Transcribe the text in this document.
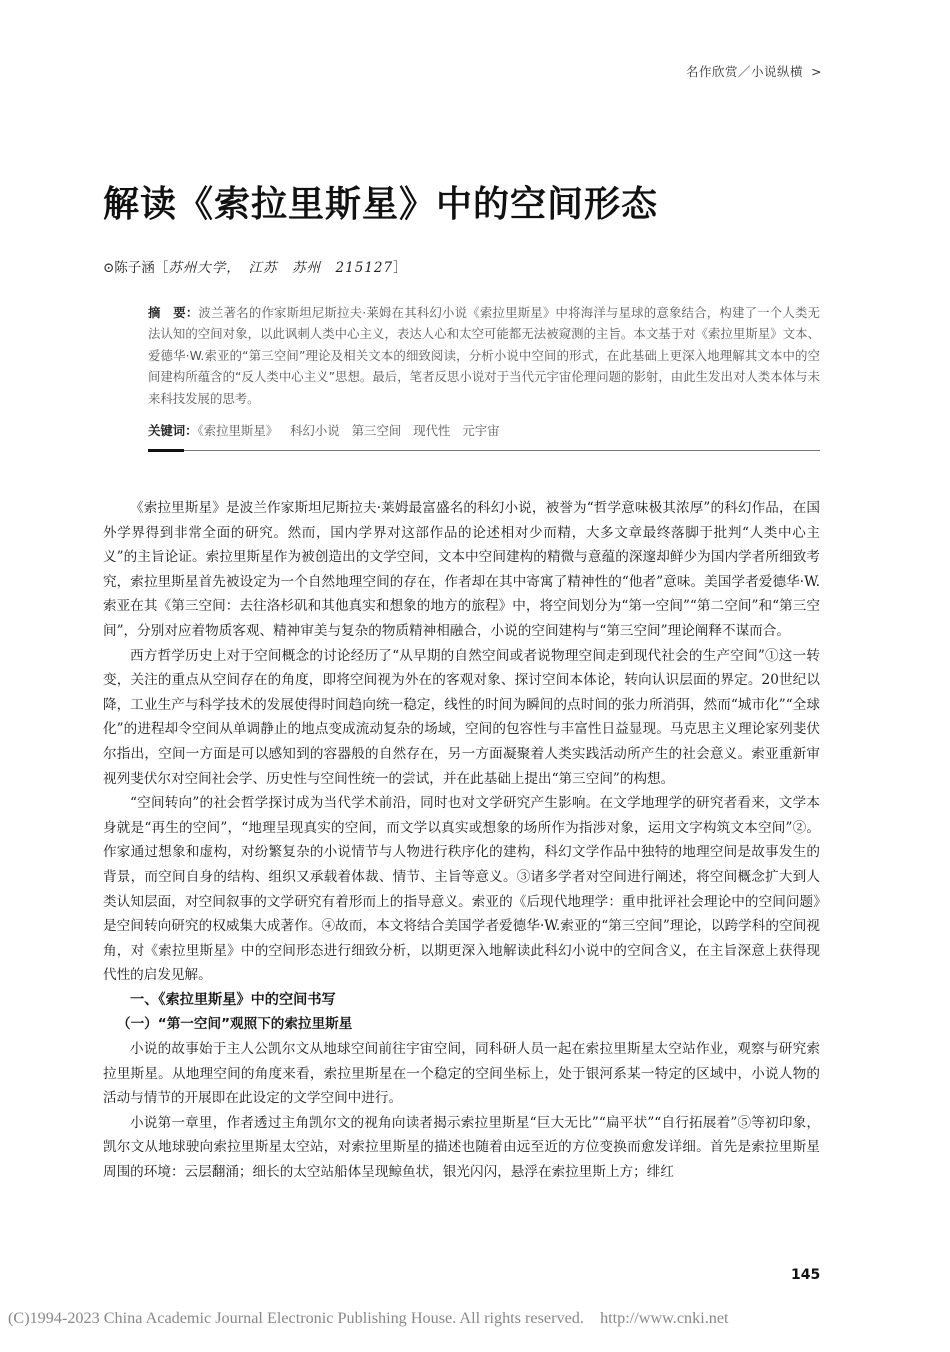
名作欣赏／小说纵横 >
解读《索拉里斯星》中的空间形态
⊙陈子涵［苏州大学，　江苏　苏州　215127］
摘　要：波兰著名的作家斯坦尼斯拉夫·莱姆在其科幻小说《索拉里斯星》中将海洋与星球的意象结合，构建了一个人类无法认知的空间对象，以此讽刺人类中心主义，表达人心和太空可能都无法被窥测的主旨。本文基于对《索拉里斯星》文本、爱德华·W.索亚的“第三空间”理论及相关文本的细致阅读，分析小说中空间的形式，在此基础上更深入地理解其文本中的空间建构所蕴含的“反人类中心主义”思想。最后，笔者反思小说对于当代元宇宙伦理问题的影射，由此生发出对人类本体与未来科技发展的思考。
关键词：《索拉里斯星》 科幻小说 第三空间 现代性 元宇宙

《索拉里斯星》是波兰作家斯坦尼斯拉夫·莱姆最富盛名的科幻小说，被誉为“哲学意味极其浓厚”的科幻作品，在国外学界得到非常全面的研究。然而，国内学界对这部作品的论述相对少而精，大多文章最终落脚于批判“人类中心主义”的主旨论证。索拉里斯星作为被创造出的文学空间，文本中空间建构的精微与意蕴的深邃却鲜少为国内学者所细致考究，索拉里斯星首先被设定为一个自然地理空间的存在，作者却在其中寄寓了精神性的“他者”意味。美国学者爱德华·W.索亚在其《第三空间：去往洛杉矶和其他真实和想象的地方的旅程》中，将空间划分为“第一空间”“第二空间”和“第三空间”，分别对应着物质客观、精神审美与复杂的物质精神相融合，小说的空间建构与“第三空间”理论阐释不谋而合。

西方哲学历史上对于空间概念的讨论经历了“从早期的自然空间或者说物理空间走到现代社会的生产空间”①这一转变，关注的重点从空间存在的角度，即将空间视为外在的客观对象、探讨空间本体论，转向认识层面的界定。20世纪以降，工业生产与科学技术的发展使得时间趋向统一稳定，线性的时间为瞬间的点时间的张力所消弭，然而“城市化”“全球化”的进程却令空间从单调静止的地点变成流动复杂的场域，空间的包容性与丰富性日益显现。马克思主义理论家列斐伏尔指出，空间一方面是可以感知到的容器般的自然存在，另一方面凝聚着人类实践活动所产生的社会意义。索亚重新审视列斐伏尔对空间社会学、历史性与空间性统一的尝试，并在此基础上提出“第三空间”的构想。

“空间转向”的社会哲学探讨成为当代学术前沿，同时也对文学研究产生影响。在文学地理学的研究者看来，文学本身就是“再生的空间”，“地理呈现真实的空间，而文学以真实或想象的场所作为指涉对象，运用文字构筑文本空间”②。作家通过想象和虚构，对纷繁复杂的小说情节与人物进行秩序化的建构，科幻文学作品中独特的地理空间是故事发生的背景，而空间自身的结构、组织又承载着体裁、情节、主旨等意义。③诸多学者对空间进行阐述，将空间概念扩大到人类认知层面，对空间叙事的文学研究有着形而上的指导意义。索亚的《后现代地理学：重申批评社会理论中的空间问题》是空间转向研究的权威集大成著作。④故而，本文将结合美国学者爱德华·W.索亚的“第三空间”理论，以跨学科的空间视角，对《索拉里斯星》中的空间形态进行细致分析，以期更深入地解读此科幻小说中的空间含义，在主旨深意上获得现代性的启发见解。

一、《索拉里斯星》中的空间书写
（一）“第一空间”观照下的索拉里斯星

小说的故事始于主人公凯尔文从地球空间前往宇宙空间，同科研人员一起在索拉里斯星太空站作业，观察与研究索拉里斯星。从地理空间的角度来看，索拉里斯星在一个稳定的空间坐标上，处于银河系某一特定的区域中，小说人物的活动与情节的开展即在此设定的文学空间中进行。

小说第一章里，作者透过主角凯尔文的视角向读者揭示索拉里斯星“巨大无比”“扁平状”“自行拓展着”⑤等初印象，凯尔文从地球驶向索拉里斯星太空站，对索拉里斯星的描述也随着由远至近的方位变换而愈发详细。首先是索拉里斯星周围的环境：云层翻涌；细长的太空站船体呈现鲸鱼状，银光闪闪，悬浮在索拉里斯上方；绯红

145
(C)1994-2023 China Academic Journal Electronic Publishing House. All rights reserved.　http://www.cnki.net
